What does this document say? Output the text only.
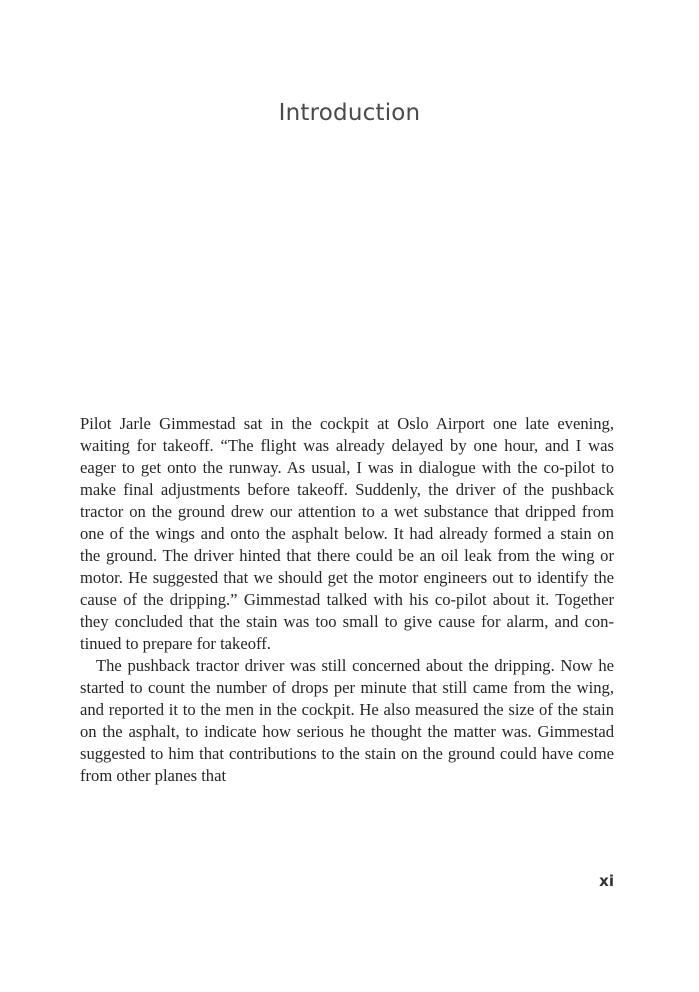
Introduction

Pilot Jarle Gimmestad sat in the cockpit at Oslo Airport one late evening, waiting for takeoff. “The flight was already delayed by one hour, and I was eager to get onto the runway. As usual, I was in dialogue with the co-pilot to make final adjustments before takeoff. Suddenly, the driver of the pushback tractor on the ground drew our attention to a wet substance that dripped from one of the wings and onto the asphalt below. It had already formed a stain on the ground. The driver hinted that there could be an oil leak from the wing or motor. He suggested that we should get the motor engineers out to identify the cause of the dripping.” Gimmestad talked with his co-pilot about it. Together they concluded that the stain was too small to give cause for alarm, and continued to prepare for takeoff.

The pushback tractor driver was still concerned about the dripping. Now he started to count the number of drops per minute that still came from the wing, and reported it to the men in the cockpit. He also measured the size of the stain on the asphalt, to indicate how serious he thought the matter was. Gimmestad suggested to him that contributions to the stain on the ground could have come from other planes that

xi
